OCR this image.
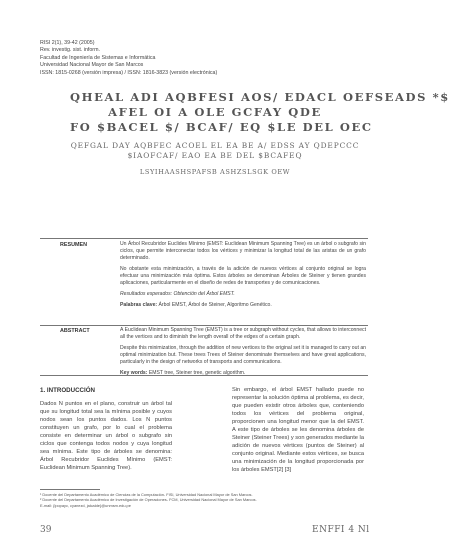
RISI 2(1), 39-42 (2005)
Rev. investig. sist. inform.
Facultad de Ingeniería de Sistemas e Informática
Universidad Nacional Mayor de San Marcos
ISSN: 1815-0268 (versión impresa) / ISSN: 1816-3823 (versión electrónica)
QHEAL ADI AQBFESI AOS/ EDACL OEFSEADS *$
AFEL OI A OLE GCFAY QDE
FO $BACEL $/ BCAF/ EQ $LE DEL OEC
QEFGAL DAY AQBFEC ACOEL EL EA BE A/ EDSS AY QDEPCCC
$IAOFCAF/ EAO EA BE DEL $BCAFEQ
LSYIHAASHSPAFSB ASHZSLSGK OEW
RESUMEN	Un Árbol Recubridor Euclides Mínimo (EMST: Euclidean Minimum Spanning Tree) es un árbol o subgrafo sin ciclos, que permite interconectar todos los vértices y minimizar la longitud total de las aristas de un grafo determinado.

No obstante esta minimización, a través de la adición de nuevos vértices al conjunto original se logra efectuar una minimización más óptima. Estos árboles se denominan Árboles de Steiner y tienen grandes aplicaciones, particularmente en el diseño de redes de transportes y de comunicaciones.

Resultados esperados: Obtención del Árbol EMST.

Palabras clave: Árbol EMST, Árbol de Steiner, Algoritmo Genético.

ABSTRACT	A Euclidean Minimum Spanning Tree (EMST) is a tree or subgraph without cycles, that allows to interconnect all the vertices and to diminish the length overall of the edges of a certain graph.

Despite this minimization, through the addition of new vertices to the original set it is managed to carry out an optimal minimization but. These trees Trees of Steiner denominate themselves and have great applications, particularly in the design of networks of transports and communications.

Key words: EMST tree, Steiner tree, genetic algorithm.

1. INTRODUCCIÓN

Dados N puntos en el plano, construir un árbol tal que su longitud total sea la mínima posible y cuyos nodos sean los puntos dados. Los N puntos constituyen un grafo, por lo cual el problema consiste en determinar un árbol o subgrafo sin ciclos que contenga todos nodos y cuya longitud sea mínima. Este tipo de árboles se denomina: Árbol Recubridor Euclides Mínimo (EMST: Euclidean Minimum Spanning Tree).

Sin embargo, el árbol EMST hallado puede no representar la solución óptima al problema, es decir, que pueden existir otros árboles que, conteniendo todos los vértices del problema original, proporcionen una longitud menor que la del EMST. A este tipo de árboles se les denomina árboles de Steiner (Steiner Trees) y son generados mediante la adición de nuevos vértices (puntos de Steiner) al conjunto original. Mediante estos vértices, se busca una minimización de la longitud proporcionada por los árboles EMST[2] [3]

¹ Docente del Departamento Académico de Ciencias de la Computación- FISI, Universidad Nacional Mayor de San Marcos.
² Docente del Departamento Académico de Investigación de Operaciones- FCM, Universidad Nacional Mayor de San Marcos.
E-mail: {lpopayc, cyanezd, jalcalde}@unmsm.edu.pe
39	ENFFI 4 Nl
